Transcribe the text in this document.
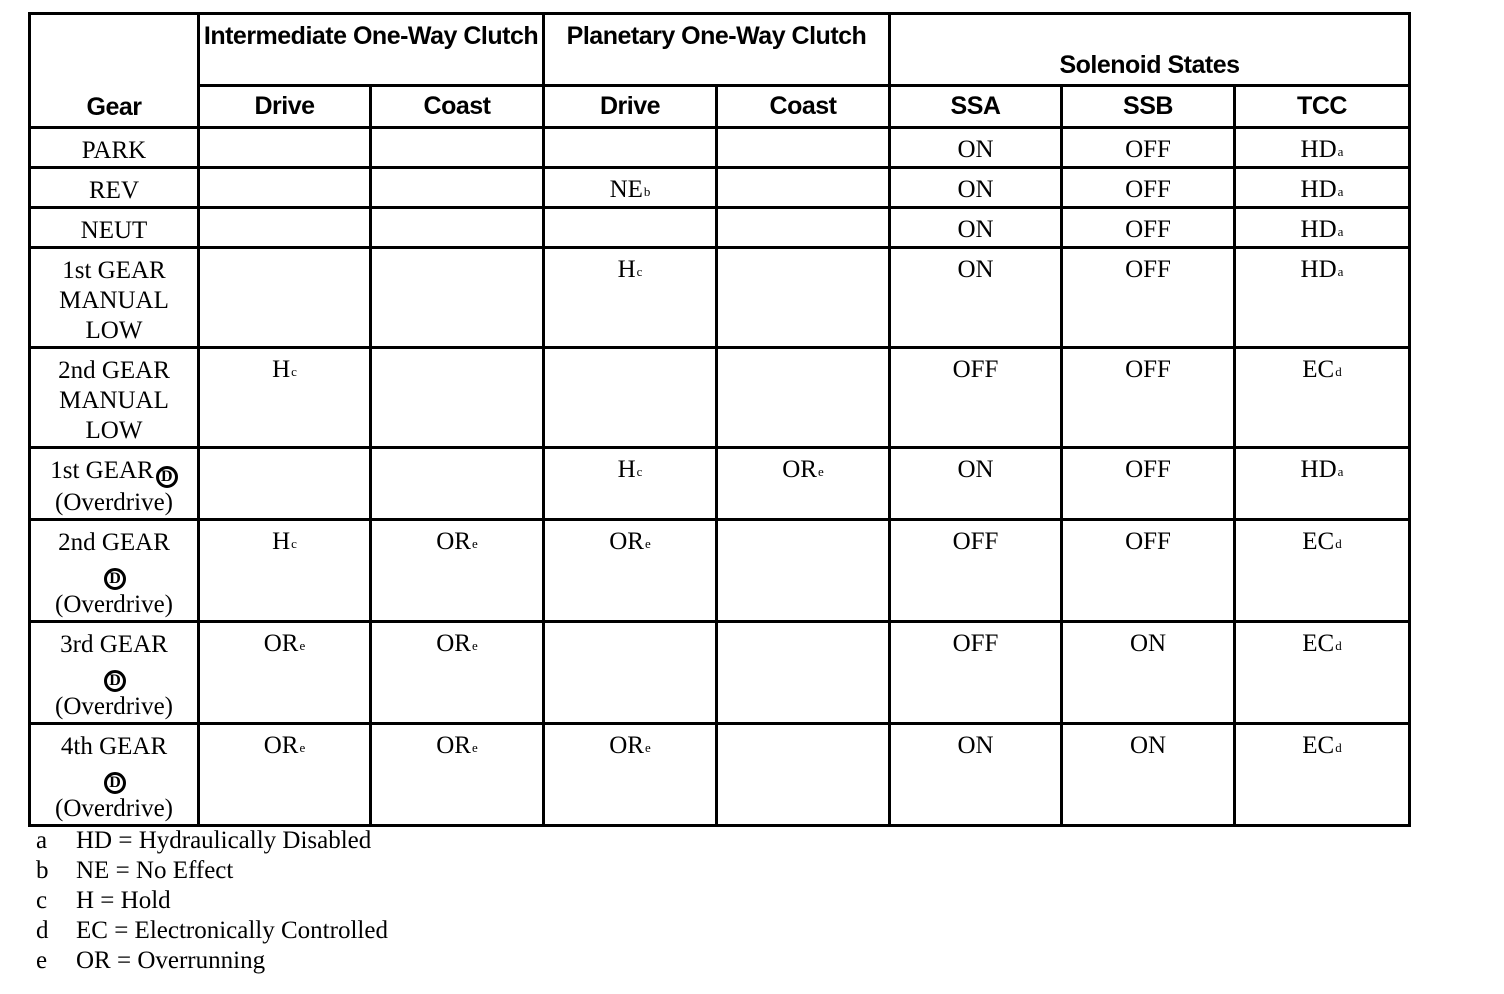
Gear	Intermediate One-Way Clutch		Planetary One-Way Clutch		Solenoid States		
	Drive	Coast	Drive	Coast	SSA	SSB	TCC

PARK					ON	OFF	$HD^a$

REV			$NE^b$		ON	OFF	$HD^a$

NEUT					ON	OFF	$HD^a$

1st GEAR
MANUAL
LOW			$H^c$		ON	OFF	$HD^a$

2nd GEAR
MANUAL
LOW	$H^c$				OFF	OFF	$EC^d$

1st GEAR D
(Overdrive)			$H^c$	$OR^e$	ON	OFF	$HD^a$

2nd GEAR
D
(Overdrive)	$H^c$	$OR^e$	$OR^e$		OFF	OFF	$EC^d$

3rd GEAR
D
(Overdrive)	$OR^e$	$OR^e$			OFF	ON	$EC^d$

4th GEAR
D
(Overdrive)	$OR^e$	$OR^e$	$OR^e$		ON	ON	$EC^d$
a	HD = Hydraulically Disabled
b	NE = No Effect
c	H = Hold
d	EC = Electronically Controlled
e	OR = Overrunning
